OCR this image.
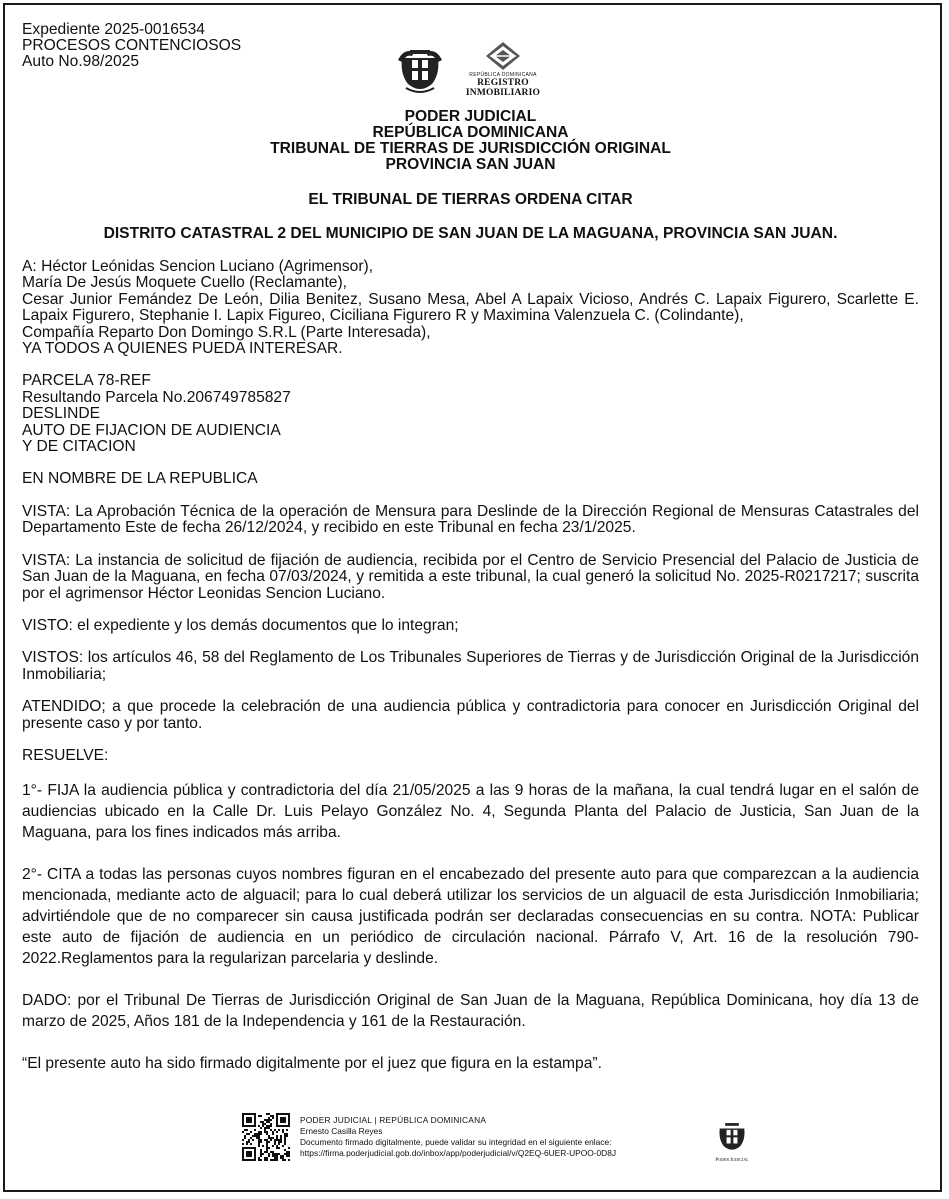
Expediente 2025-0016534
PROCESOS CONTENCIOSOS
Auto No.98/2025
REPÚBLICA DOMINICANA
REGISTRO
INMOBILIARIO
PODER JUDICIAL
REPÚBLICA DOMINICANA
TRIBUNAL DE TIERRAS DE JURISDICCIÓN ORIGINAL
PROVINCIA SAN JUAN
EL TRIBUNAL DE TIERRAS ORDENA CITAR
DISTRITO CATASTRAL 2 DEL MUNICIPIO DE SAN JUAN DE LA MAGUANA, PROVINCIA SAN JUAN.
A: Héctor Leónidas Sencion Luciano (Agrimensor),
María De Jesús Moquete Cuello (Reclamante),
Cesar Junior Femández De León, Dilia Benitez, Susano Mesa, Abel A Lapaix Vicioso, Andrés C. Lapaix Figurero, Scarlette E. Lapaix Figurero, Stephanie I. Lapix Figureo, Ciciliana Figurero R y Maximina Valenzuela C. (Colindante),
Compañía Reparto Don Domingo S.R.L (Parte Interesada),
YA TODOS A QUIENES PUEDA INTERESAR.
PARCELA 78-REF
Resultando Parcela No.206749785827
DESLINDE
AUTO DE FIJACION DE AUDIENCIA
Y DE CITACION
EN NOMBRE DE LA REPUBLICA

VISTA: La Aprobación Técnica de la operación de Mensura para Deslinde de la Dirección Regional de Mensuras Catastrales del Departamento Este de fecha 26/12/2024, y recibido en este Tribunal en fecha 23/1/2025.

VISTA: La instancia de solicitud de fijación de audiencia, recibida por el Centro de Servicio Presencial del Palacio de Justicia de San Juan de la Maguana, en fecha 07/03/2024, y remitida a este tribunal, la cual generó la solicitud No. 2025-R0217217; suscrita por el agrimensor Héctor Leonidas Sencion Luciano.

VISTO: el expediente y los demás documentos que lo integran;

VISTOS: los artículos 46, 58 del Reglamento de Los Tribunales Superiores de Tierras y de Jurisdicción Original de la Jurisdicción Inmobiliaria;

ATENDIDO; a que procede la celebración de una audiencia pública y contradictoria para conocer en Jurisdicción Original del presente caso y por tanto.

RESUELVE:

1°- FIJA la audiencia pública y contradictoria del día 21/05/2025 a las 9 horas de la mañana, la cual tendrá lugar en el salón de audiencias ubicado en la Calle Dr. Luis Pelayo González No. 4, Segunda Planta del Palacio de Justicia, San Juan de la Maguana, para los fines indicados más arriba.

2°- CITA a todas las personas cuyos nombres figuran en el encabezado del presente auto para que comparezcan a la audiencia mencionada, mediante acto de alguacil; para lo cual deberá utilizar los servicios de un alguacil de esta Jurisdicción Inmobiliaria; advirtiéndole que de no comparecer sin causa justificada podrán ser declaradas consecuencias en su contra. NOTA: Publicar este auto de fijación de audiencia en un periódico de circulación nacional. Párrafo V, Art. 16 de la resolución 790-2022.Reglamentos para la regularizan parcelaria y deslinde.

DADO: por el Tribunal De Tierras de Jurisdicción Original de San Juan de la Maguana, República Dominicana, hoy día 13 de marzo de 2025, Años 181 de la Independencia y 161 de la Restauración.

“El presente auto ha sido firmado digitalmente por el juez que figura en la estampa”.

PODER JUDICIAL | REPÚBLICA DOMINICANA
Ernesto Casilla Reyes
Documento firmado digitalmente, puede validar su integridad en el siguiente enlace:
https://firma.poderjudicial.gob.do/inbox/app/poderjudicial/v/Q2EQ-6UER-UPOO-0D8J
Poder Judicial
